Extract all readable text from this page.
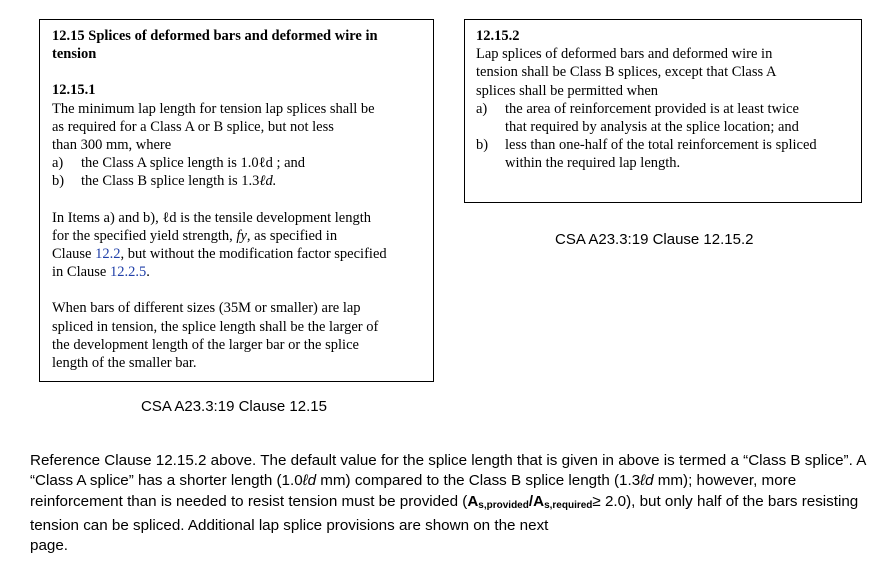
12.15 Splices of deformed bars and deformed wire in tension
12.15.1
The minimum lap length for tension lap splices shall be
as required for a Class A or B splice, but not less
than 300 mm, where
a)	the Class A splice length is 1.0ℓd ; and
b)	the Class B splice length is 1.3ℓd.
In Items a) and b), ℓd is the tensile development length
for the specified yield strength, fy, as specified in
Clause 12.2, but without the modification factor specified
in Clause 12.2.5.
When bars of different sizes (35M or smaller) are lap
spliced in tension, the splice length shall be the larger of
the development length of the larger bar or the splice
length of the smaller bar.
CSA A23.3:19 Clause 12.15
12.15.2
Lap splices of deformed bars and deformed wire in
tension shall be Class B splices, except that Class A
splices shall be permitted when
a)	the area of reinforcement provided is at least twice
that required by analysis at the splice location; and
b)	less than one-half of the total reinforcement is spliced
within the required lap length.
CSA A23.3:19 Clause 12.15.2
Reference Clause 12.15.2 above. The default value for the splice length that is given in above is termed a “Class B splice”. A “Class A splice” has a shorter length (1.0ℓd mm) compared to the Class B splice length (1.3ℓd mm); however, more reinforcement than is needed to resist tension must be provided $(A_{s,provided}/A_{s,required}\ge 2.0)$, but only half of the bars resisting tension can be spliced. Additional lap splice provisions are shown on the next
page.
